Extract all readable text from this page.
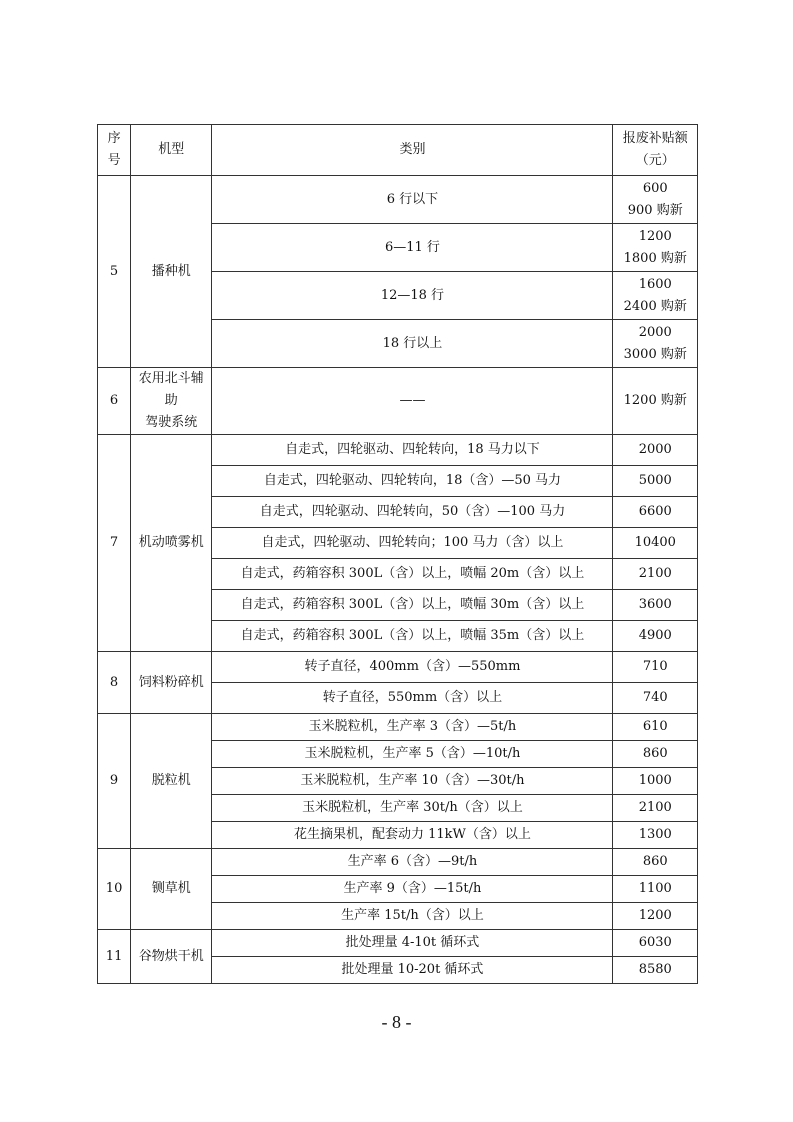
序号	机型	类别	报废补贴额
（元）
5	播种机	6 行以下	600
900 购新
		6—11 行	1200
1800 购新
		12—18 行	1600
2400 购新
		18 行以上	2000
3000 购新
6	农用北斗辅助
驾驶系统	——	1200 购新
7	机动喷雾机	自走式，四轮驱动、四轮转向，18 马力以下	2000
		自走式，四轮驱动、四轮转向，18（含）—50 马力	5000
		自走式，四轮驱动、四轮转向，50（含）—100 马力	6600
		自走式，四轮驱动、四轮转向；100 马力（含）以上	10400
		自走式，药箱容积 300L（含）以上，喷幅 20m（含）以上	2100
		自走式，药箱容积 300L（含）以上，喷幅 30m（含）以上	3600
		自走式，药箱容积 300L（含）以上，喷幅 35m（含）以上	4900
8	饲料粉碎机	转子直径，400mm（含）—550mm	710
		转子直径，550mm（含）以上	740
9	脱粒机	玉米脱粒机，生产率 3（含）—5t/h	610
		玉米脱粒机，生产率 5（含）—10t/h	860
		玉米脱粒机，生产率 10（含）—30t/h	1000
		玉米脱粒机，生产率 30t/h（含）以上	2100
		花生摘果机，配套动力 11kW（含）以上	1300
10	铡草机	生产率 6（含）—9t/h	860
		生产率 9（含）—15t/h	1100
		生产率 15t/h（含）以上	1200
11	谷物烘干机	批处理量 4-10t 循环式	6030
		批处理量 10-20t 循环式	8580
- 8 -
